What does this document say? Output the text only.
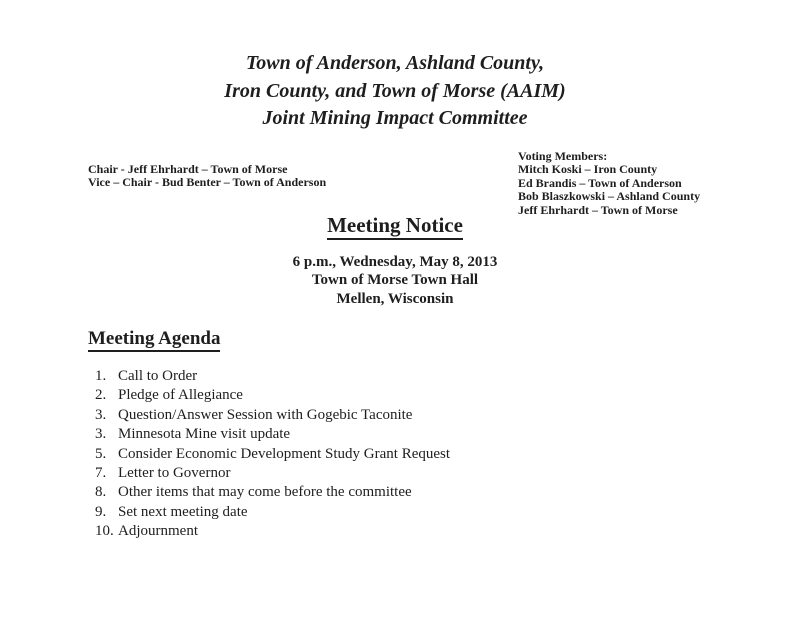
Town of Anderson, Ashland County,
Iron County, and Town of Morse (AAIM)
Joint Mining Impact Committee
Chair - Jeff Ehrhardt – Town of Morse
Vice – Chair - Bud Benter – Town of Anderson
Voting Members:
Mitch Koski – Iron County
Ed Brandis – Town of Anderson
Bob Blaszkowski – Ashland County
Jeff Ehrhardt – Town of Morse
Meeting Notice
6 p.m., Wednesday, May 8, 2013
Town of Morse Town Hall
Mellen, Wisconsin
Meeting Agenda
1. Call to Order
2. Pledge of Allegiance
3. Question/Answer Session with Gogebic Taconite
3. Minnesota Mine visit update
5. Consider Economic Development Study Grant Request
7. Letter to Governor
8. Other items that may come before the committee
9. Set next meeting date
10. Adjournment
